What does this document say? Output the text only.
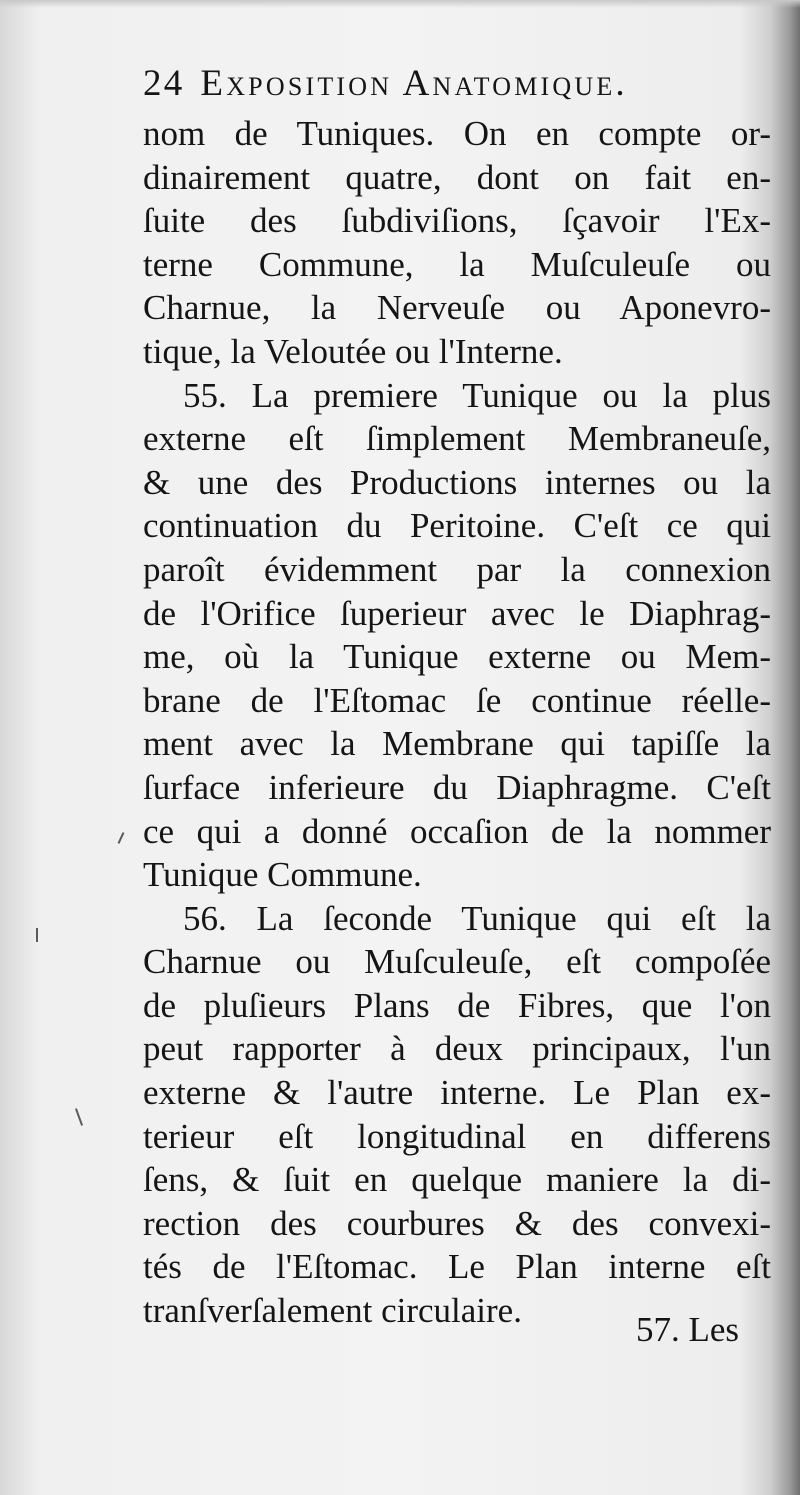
24 Exposition Anatomique.
nom de Tuniques. On en compte or-
dinairement quatre, dont on fait en-
ſuite des ſubdiviſions, ſçavoir l'Ex-
terne Commune, la Muſculeuſe ou
Charnue, la Nerveuſe ou Aponevro-
tique, la Veloutée ou l'Interne.
55. La premiere Tunique ou la plus
externe eſt ſimplement Membraneuſe,
& une des Productions internes ou la
continuation du Peritoine. C'eſt ce qui
paroît évidemment par la connexion
de l'Orifice ſuperieur avec le Diaphrag-
me, où la Tunique externe ou Mem-
brane de l'Eſtomac ſe continue réelle-
ment avec la Membrane qui tapiſſe la
ſurface inferieure du Diaphragme. C'eſt
ce qui a donné occaſion de la nommer
Tunique Commune.
56. La ſeconde Tunique qui eſt la
Charnue ou Muſculeuſe, eſt compoſée
de pluſieurs Plans de Fibres, que l'on
peut rapporter à deux principaux, l'un
externe & l'autre interne. Le Plan ex-
terieur eſt longitudinal en differens
ſens, & ſuit en quelque maniere la di-
rection des courbures & des convexi-
tés de l'Eſtomac. Le Plan interne eſt
tranſverſalement circulaire.	57. Les
